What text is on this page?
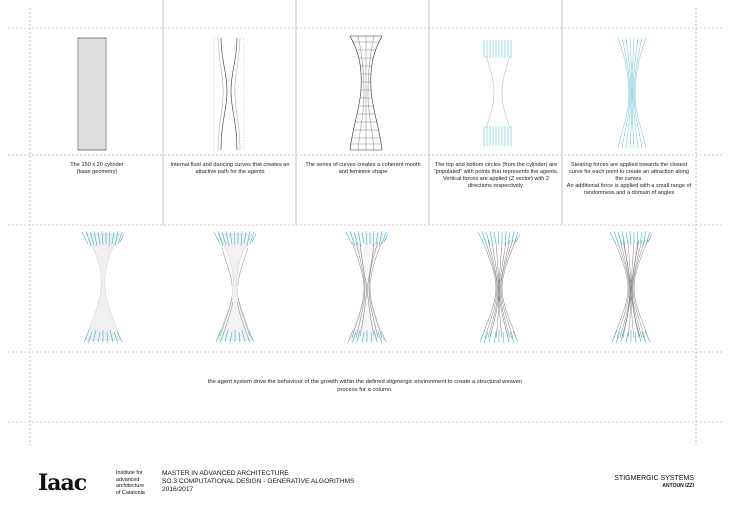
The 150 x 20 cylinder
(base geometry)
Internal fluid and dancing curves that creates an attactive path for the agents
The series of curves creates a coherent mooth and feminine shape
The top and bottom circles (from the cylinder) are "populated" with points that represents the agents.
Vertical forces are applied (Z vector) with 2 directions respectively.
Stearing forces are applied towards the closest curve for each point to create an attraction along the curves.
An additional force is applied with a small range of randomness and a domain of angles
the agent system drive the behaviour of the growth within the defined stigmergic environment to create a structural weaven process for a column.
Iaac	Institute for
advanced
architecture
of Catalonia
MASTER IN ADVANCED ARCHITECTURE
SO.3 COMPUTATIONAL DESIGN - GENERATIVE ALGORITHMS
2016/2017
STIGMERGIC SYSTEMS
ANTOUN IZZI
